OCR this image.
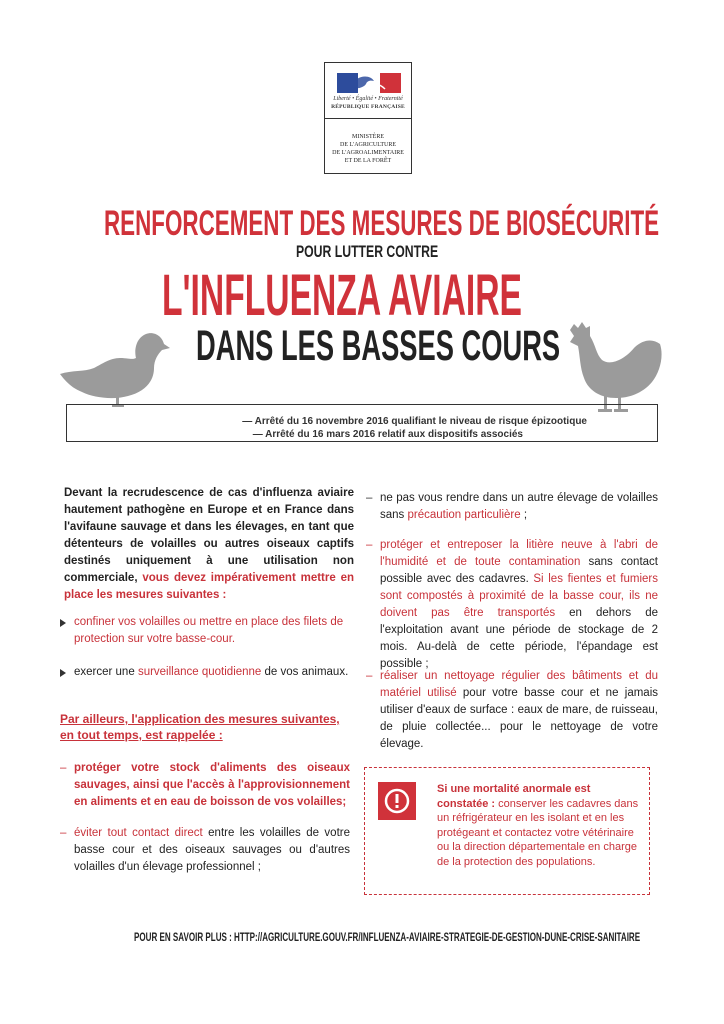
Liberté • Égalité • Fraternité
RÉPUBLIQUE FRANÇAISE
MINISTÈRE
DE L'AGRICULTURE
DE L'AGROALIMENTAIRE
ET DE LA FORÊT
RENFORCEMENT DES MESURES DE BIOSÉCURITÉ
POUR LUTTER CONTRE
L'INFLUENZA AVIAIRE
DANS LES BASSES COURS
— Arrêté du 16 novembre 2016 qualifiant le niveau de risque épizootique
— Arrêté du 16 mars 2016 relatif aux dispositifs associés
Devant la recrudescence de cas d'influenza aviaire hautement pathogène en Europe et en France dans l'avifaune sauvage et dans les élevages, en tant que détenteurs de volailles ou autres oiseaux captifs destinés uniquement à une utilisation non commerciale, vous devez impérativement mettre en place les mesures suivantes :
confiner vos volailles ou mettre en place des filets de protection sur votre basse-cour.
exercer une surveillance quotidienne de vos animaux.
Par ailleurs, l'application des mesures suivantes, en tout temps, est rappelée :
– protéger votre stock d'aliments des oiseaux sauvages, ainsi que l'accès à l'approvisionnement en aliments et en eau de boisson de vos volailles;
– éviter tout contact direct entre les volailles de votre basse cour et des oiseaux sauvages ou d'autres volailles d'un élevage professionnel ;
– ne pas vous rendre dans un autre élevage de volailles sans précaution particulière ;
– protéger et entreposer la litière neuve à l'abri de l'humidité et de toute contamination sans contact possible avec des cadavres. Si les fientes et fumiers sont compostés à proximité de la basse cour, ils ne doivent pas être transportés en dehors de l'exploitation avant une période de stockage de 2 mois. Au-delà de cette période, l'épandage est possible ;
– réaliser un nettoyage régulier des bâtiments et du matériel utilisé pour votre basse cour et ne jamais utiliser d'eaux de surface : eaux de mare, de ruisseau, de pluie collectée... pour le nettoyage de votre élevage.
Si une mortalité anormale est constatée : conserver les cadavres dans un réfrigérateur en les isolant et en les protégeant et contactez votre vétérinaire ou la direction départementale en charge de la protection des populations.
POUR EN SAVOIR PLUS : HTTP://AGRICULTURE.GOUV.FR/INFLUENZA-AVIAIRE-STRATEGIE-DE-GESTION-DUNE-CRISE-SANITAIRE
